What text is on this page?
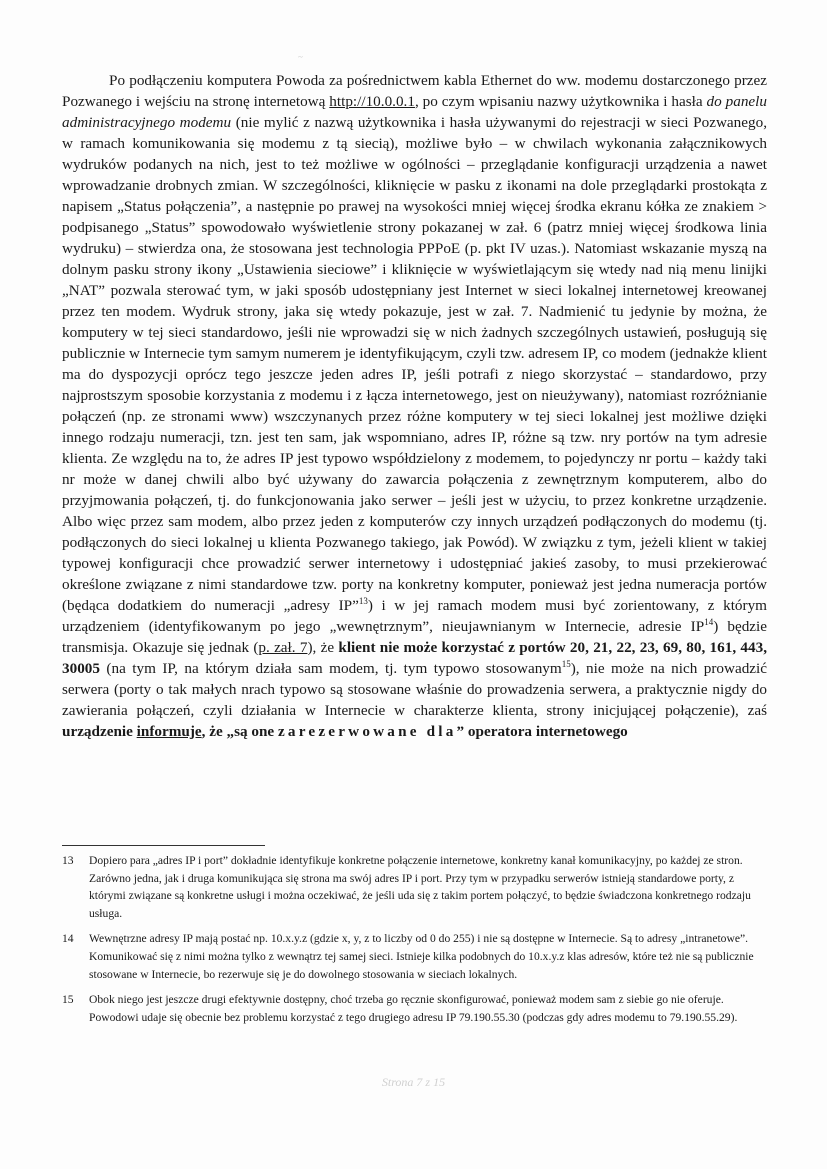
~

Po podłączeniu komputera Powoda za pośrednictwem kabla Ethernet do ww. modemu dostarczonego przez Pozwanego i wejściu na stronę internetową http://10.0.0.1, po czym wpisaniu nazwy użytkownika i hasła do panelu administracyjnego modemu (nie mylić z nazwą użytkownika i hasła używanymi do rejestracji w sieci Pozwanego, w ramach komunikowania się modemu z tą siecią), możliwe było – w chwilach wykonania załącznikowych wydruków podanych na nich, jest to też możliwe w ogólności – przeglądanie konfiguracji urządzenia a nawet wprowadzanie drobnych zmian. W szczególności, kliknięcie w pasku z ikonami na dole przeglądarki prostokąta z napisem „Status połączenia”, a następnie po prawej na wysokości mniej więcej środka ekranu kółka ze znakiem > podpisanego „Status” spowodowało wyświetlenie strony pokazanej w zał. 6 (patrz mniej więcej środkowa linia wydruku) – stwierdza ona, że stosowana jest technologia PPPoE (p. pkt IV uzas.). Natomiast wskazanie myszą na dolnym pasku strony ikony „Ustawienia sieciowe” i kliknięcie w wyświetlającym się wtedy nad nią menu linijki „NAT” pozwala sterować tym, w jaki sposób udostępniany jest Internet w sieci lokalnej internetowej kreowanej przez ten modem. Wydruk strony, jaka się wtedy pokazuje, jest w zał. 7. Nadmienić tu jedynie by można, że komputery w tej sieci standardowo, jeśli nie wprowadzi się w nich żadnych szczególnych ustawień, posługują się publicznie w Internecie tym samym numerem je identyfikującym, czyli tzw. adresem IP, co modem (jednakże klient ma do dyspozycji oprócz tego jeszcze jeden adres IP, jeśli potrafi z niego skorzystać – standardowo, przy najprostszym sposobie korzystania z modemu i z łącza internetowego, jest on nieużywany), natomiast rozróżnianie połączeń (np. ze stronami www) wszczynanych przez różne komputery w tej sieci lokalnej jest możliwe dzięki innego rodzaju numeracji, tzn. jest ten sam, jak wspomniano, adres IP, różne są tzw. nry portów na tym adresie klienta. Ze względu na to, że adres IP jest typowo współdzielony z modemem, to pojedynczy nr portu – każdy taki nr może w danej chwili albo być używany do zawarcia połączenia z zewnętrznym komputerem, albo do przyjmowania połączeń, tj. do funkcjonowania jako serwer – jeśli jest w użyciu, to przez konkretne urządzenie. Albo więc przez sam modem, albo przez jeden z komputerów czy innych urządzeń podłączonych do modemu (tj. podłączonych do sieci lokalnej u klienta Pozwanego takiego, jak Powód). W związku z tym, jeżeli klient w takiej typowej konfiguracji chce prowadzić serwer internetowy i udostępniać jakieś zasoby, to musi przekierować określone związane z nimi standardowe tzw. porty na konkretny komputer, ponieważ jest jedna numeracja portów (będąca dodatkiem do numeracji „adresy IP”$^{13}$) i w jej ramach modem musi być zorientowany, z którym urządzeniem (identyfikowanym po jego „wewnętrznym”, nieujawnianym w Internecie, adresie IP$^{14}$) będzie transmisja. Okazuje się jednak (p. zał. 7), że klient nie może korzystać z portów 20, 21, 22, 23, 69, 80, 161, 443, 30005 (na tym IP, na którym działa sam modem, tj. tym typowo stosowanym$^{15}$), nie może na nich prowadzić serwera (porty o tak małych nrach typowo są stosowane właśnie do prowadzenia serwera, a praktycznie nigdy do zawierania połączeń, czyli działania w Internecie w charakterze klienta, strony inicjującej połączenie), zaś urządzenie informuje, że „są one zarezerwowane dla” operatora internetowego

13	Dopiero para „adres IP i port” dokładnie identyfikuje konkretne połączenie internetowe, konkretny kanał komunikacyjny, po każdej ze stron. Zarówno jedna, jak i druga komunikująca się strona ma swój adres IP i port. Przy tym w przypadku serwerów istnieją standardowe porty, z którymi związane są konkretne usługi i można oczekiwać, że jeśli uda się z takim portem połączyć, to będzie świadczona konkretnego rodzaju usługa.
14	Wewnętrzne adresy IP mają postać np. 10.x.y.z (gdzie x, y, z to liczby od 0 do 255) i nie są dostępne w Internecie. Są to adresy „intranetowe”. Komunikować się z nimi można tylko z wewnątrz tej samej sieci. Istnieje kilka podobnych do 10.x.y.z klas adresów, które też nie są publicznie stosowane w Internecie, bo rezerwuje się je do dowolnego stosowania w sieciach lokalnych.
15	Obok niego jest jeszcze drugi efektywnie dostępny, choć trzeba go ręcznie skonfigurować, ponieważ modem sam z siebie go nie oferuje. Powodowi udaje się obecnie bez problemu korzystać z tego drugiego adresu IP 79.190.55.30 (podczas gdy adres modemu to 79.190.55.29).
Strona 7 z 15
